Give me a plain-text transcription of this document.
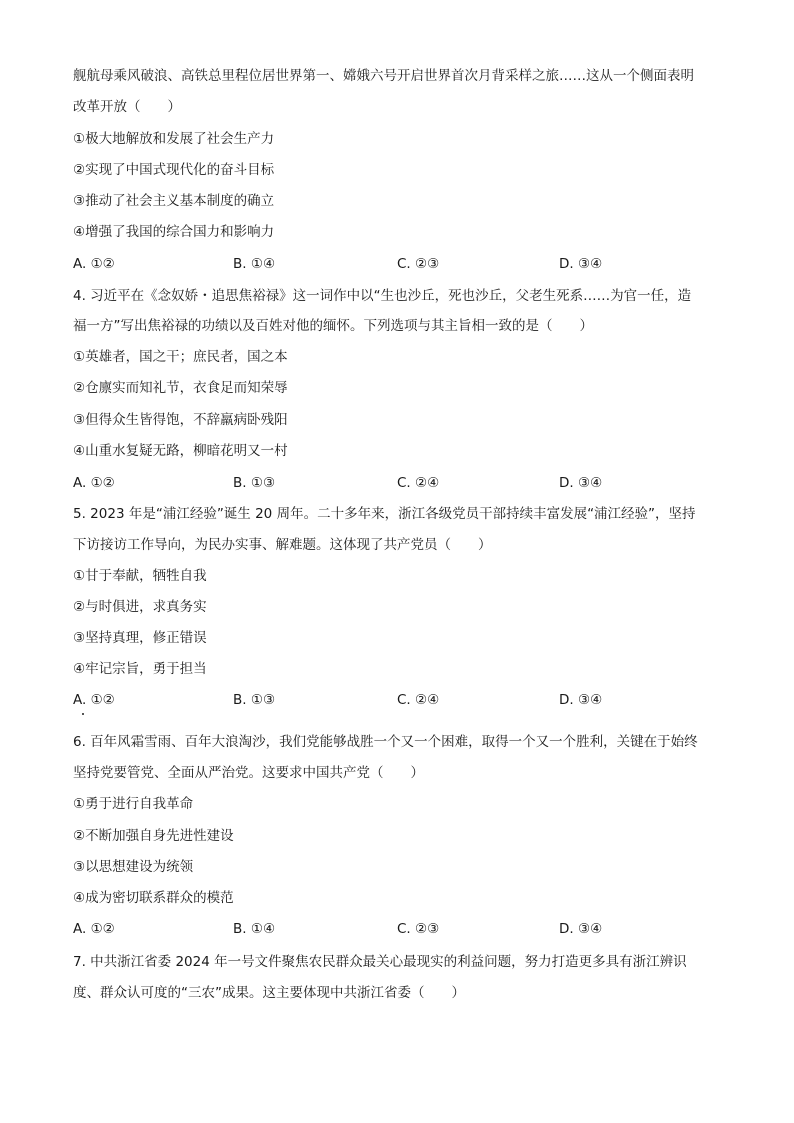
舰航母乘风破浪、高铁总里程位居世界第一、嫦娥六号开启世界首次月背采样之旅……这从一个侧面表明
改革开放（　　）
①极大地解放和发展了社会生产力
②实现了中国式现代化的奋斗目标
③推动了社会主义基本制度的确立
④增强了我国的综合国力和影响力
A. ①②	B. ①④	C. ②③	D. ③④
4. 习近平在《念奴娇・追思焦裕禄》这一词作中以“生也沙丘，死也沙丘，父老生死系……为官一任，造
福一方”写出焦裕禄的功绩以及百姓对他的缅怀。下列选项与其主旨相一致的是（　　）
①英雄者，国之干；庶民者，国之本
②仓廪实而知礼节，衣食足而知荣辱
③但得众生皆得饱，不辞羸病卧残阳
④山重水复疑无路，柳暗花明又一村
A. ①②	B. ①③	C. ②④	D. ③④
5. 2023 年是“浦江经验”诞生 20 周年。二十多年来，浙江各级党员干部持续丰富发展“浦江经验”，坚持
下访接访工作导向，为民办实事、解难题。这体现了共产党员（　　）
①甘于奉献，牺牲自我
②与时俱进，求真务实
③坚持真理，修正错误
④牢记宗旨，勇于担当
A. ①②	B. ①③	C. ②④	D. ③④
6. 百年风霜雪雨、百年大浪淘沙，我们党能够战胜一个又一个困难，取得一个又一个胜利，关键在于始终
坚持党要管党、全面从严治党。这要求中国共产党（　　）
①勇于进行自我革命
②不断加强自身先进性建设
③以思想建设为统领
④成为密切联系群众的模范
A. ①②	B. ①④	C. ②③	D. ③④
7. 中共浙江省委 2024 年一号文件聚焦农民群众最关心最现实的利益问题，努力打造更多具有浙江辨识
度、群众认可度的“三农”成果。这主要体现中共浙江省委（　　）
